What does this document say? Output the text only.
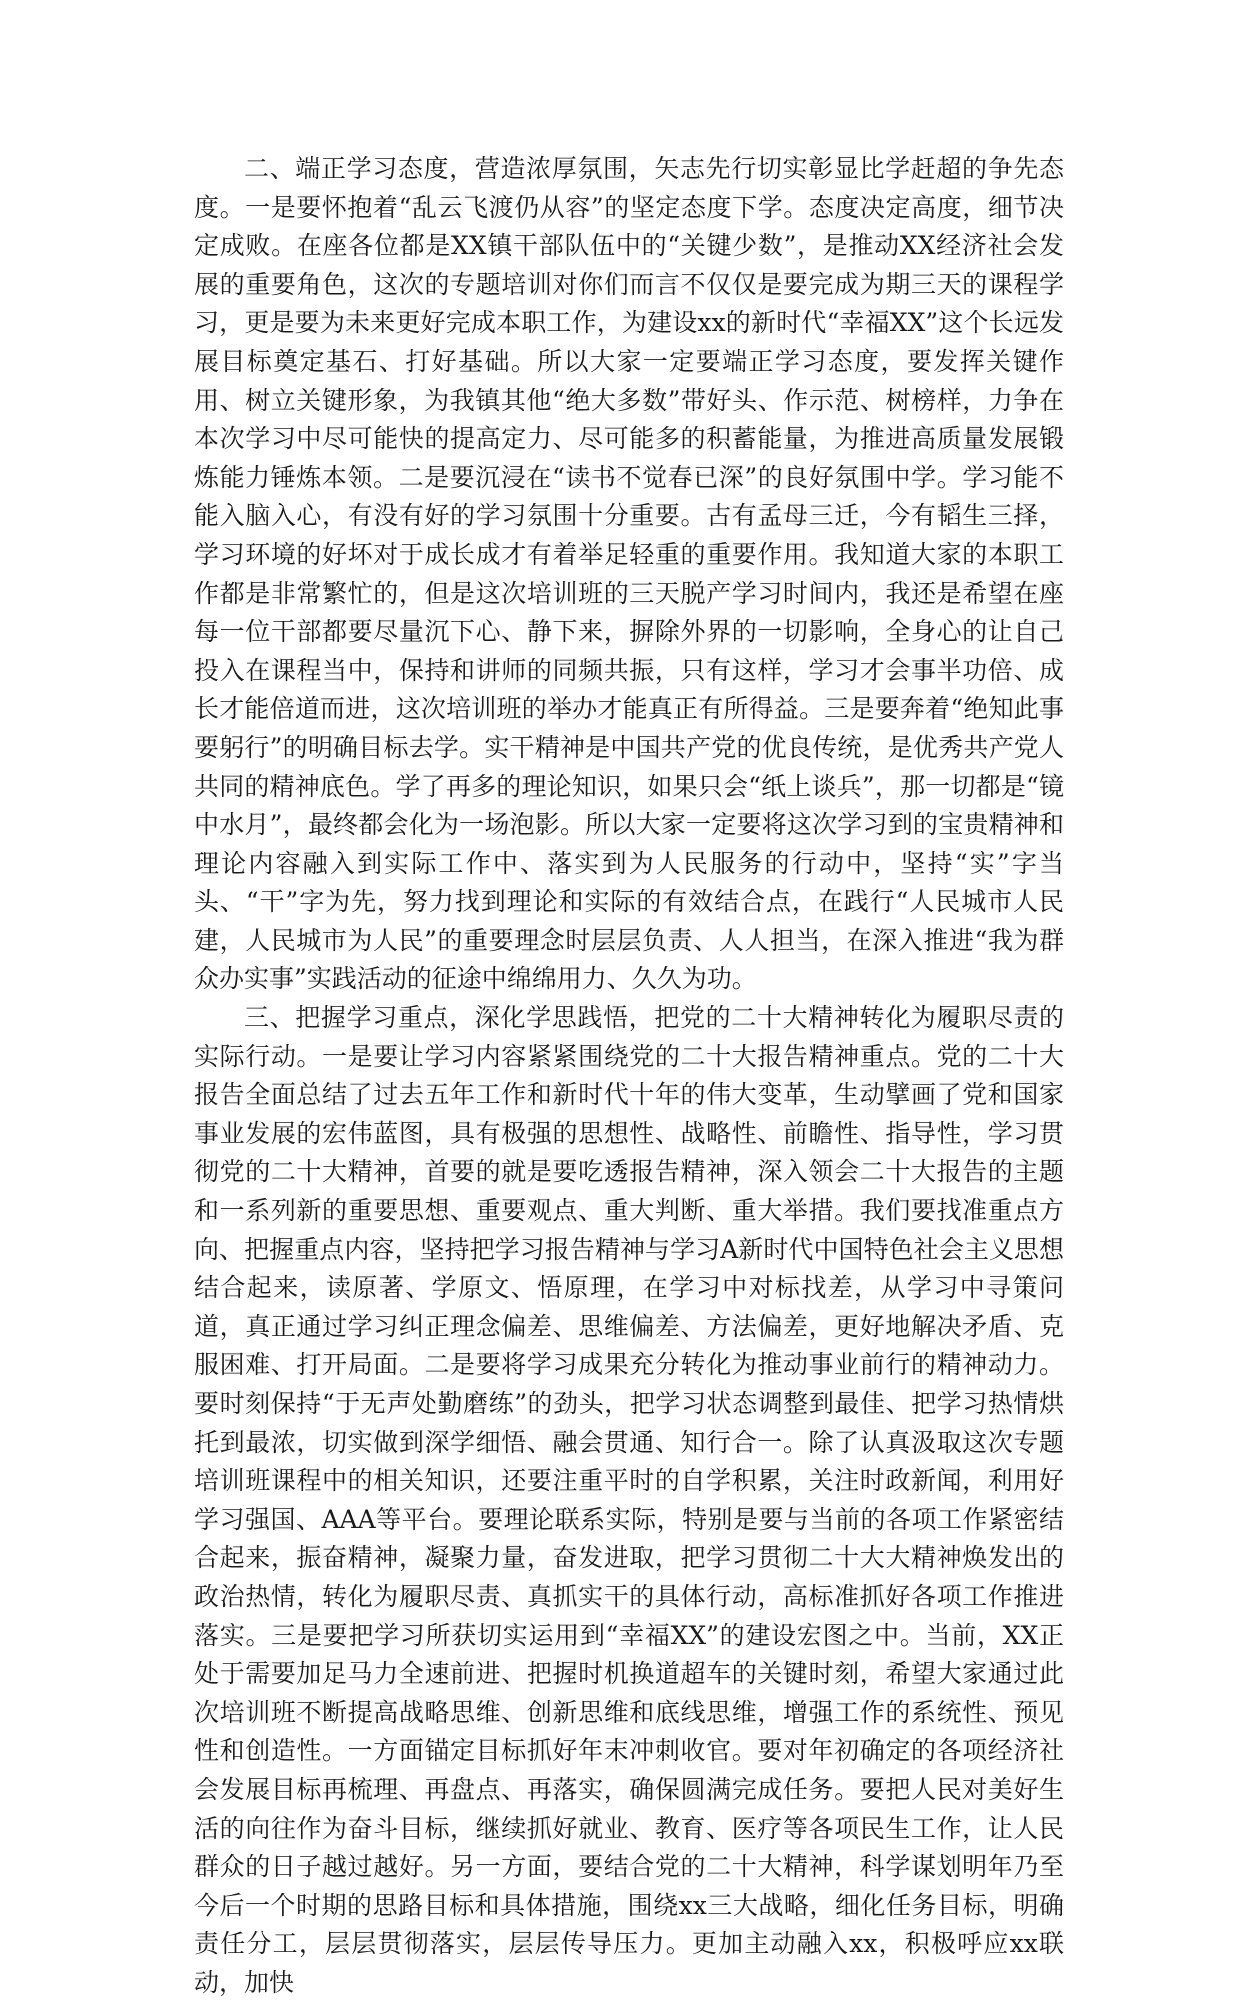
二、端正学习态度，营造浓厚氛围，矢志先行切实彰显比学赶超的争先态度。一是要怀抱着“乱云飞渡仍从容”的坚定态度下学。态度决定高度，细节决定成败。在座各位都是XX镇干部队伍中的“关键少数”，是推动XX经济社会发展的重要角色，这次的专题培训对你们而言不仅仅是要完成为期三天的课程学习，更是要为未来更好完成本职工作，为建设xx的新时代“幸福XX”这个长远发展目标奠定基石、打好基础。所以大家一定要端正学习态度，要发挥关键作用、树立关键形象，为我镇其他“绝大多数”带好头、作示范、树榜样，力争在本次学习中尽可能快的提高定力、尽可能多的积蓄能量，为推进高质量发展锻炼能力锤炼本领。二是要沉浸在“读书不觉春已深”的良好氛围中学。学习能不能入脑入心，有没有好的学习氛围十分重要。古有孟母三迁，今有韬生三择，学习环境的好坏对于成长成才有着举足轻重的重要作用。我知道大家的本职工作都是非常繁忙的，但是这次培训班的三天脱产学习时间内，我还是希望在座每一位干部都要尽量沉下心、静下来，摒除外界的一切影响，全身心的让自己投入在课程当中，保持和讲师的同频共振，只有这样，学习才会事半功倍、成长才能倍道而进，这次培训班的举办才能真正有所得益。三是要奔着“绝知此事要躬行”的明确目标去学。实干精神是中国共产党的优良传统，是优秀共产党人共同的精神底色。学了再多的理论知识，如果只会“纸上谈兵”，那一切都是“镜中水月”，最终都会化为一场泡影。所以大家一定要将这次学习到的宝贵精神和理论内容融入到实际工作中、落实到为人民服务的行动中，坚持“实”字当头、“干”字为先，努力找到理论和实际的有效结合点，在践行“人民城市人民建，人民城市为人民”的重要理念时层层负责、人人担当，在深入推进“我为群众办实事”实践活动的征途中绵绵用力、久久为功。

三、把握学习重点，深化学思践悟，把党的二十大精神转化为履职尽责的实际行动。一是要让学习内容紧紧围绕党的二十大报告精神重点。党的二十大报告全面总结了过去五年工作和新时代十年的伟大变革，生动擘画了党和国家事业发展的宏伟蓝图，具有极强的思想性、战略性、前瞻性、指导性，学习贯彻党的二十大精神，首要的就是要吃透报告精神，深入领会二十大报告的主题和一系列新的重要思想、重要观点、重大判断、重大举措。我们要找准重点方向、把握重点内容，坚持把学习报告精神与学习A新时代中国特色社会主义思想结合起来，读原著、学原文、悟原理，在学习中对标找差，从学习中寻策问道，真正通过学习纠正理念偏差、思维偏差、方法偏差，更好地解决矛盾、克服困难、打开局面。二是要将学习成果充分转化为推动事业前行的精神动力。要时刻保持“于无声处勤磨练”的劲头，把学习状态调整到最佳、把学习热情烘托到最浓，切实做到深学细悟、融会贯通、知行合一。除了认真汲取这次专题培训班课程中的相关知识，还要注重平时的自学积累，关注时政新闻，利用好学习强国、AAA等平台。要理论联系实际，特别是要与当前的各项工作紧密结合起来，振奋精神，凝聚力量，奋发进取，把学习贯彻二十大大精神焕发出的政治热情，转化为履职尽责、真抓实干的具体行动，高标准抓好各项工作推进落实。三是要把学习所获切实运用到“幸福XX”的建设宏图之中。当前，XX正处于需要加足马力全速前进、把握时机换道超车的关键时刻，希望大家通过此次培训班不断提高战略思维、创新思维和底线思维，增强工作的系统性、预见性和创造性。一方面锚定目标抓好年末冲刺收官。要对年初确定的各项经济社会发展目标再梳理、再盘点、再落实，确保圆满完成任务。要把人民对美好生活的向往作为奋斗目标，继续抓好就业、教育、医疗等各项民生工作，让人民群众的日子越过越好。另一方面，要结合党的二十大精神，科学谋划明年乃至今后一个时期的思路目标和具体措施，围绕xx三大战略，细化任务目标，明确责任分工，层层贯彻落实，层层传导压力。更加主动融入xx，积极呼应xx联动，加快
